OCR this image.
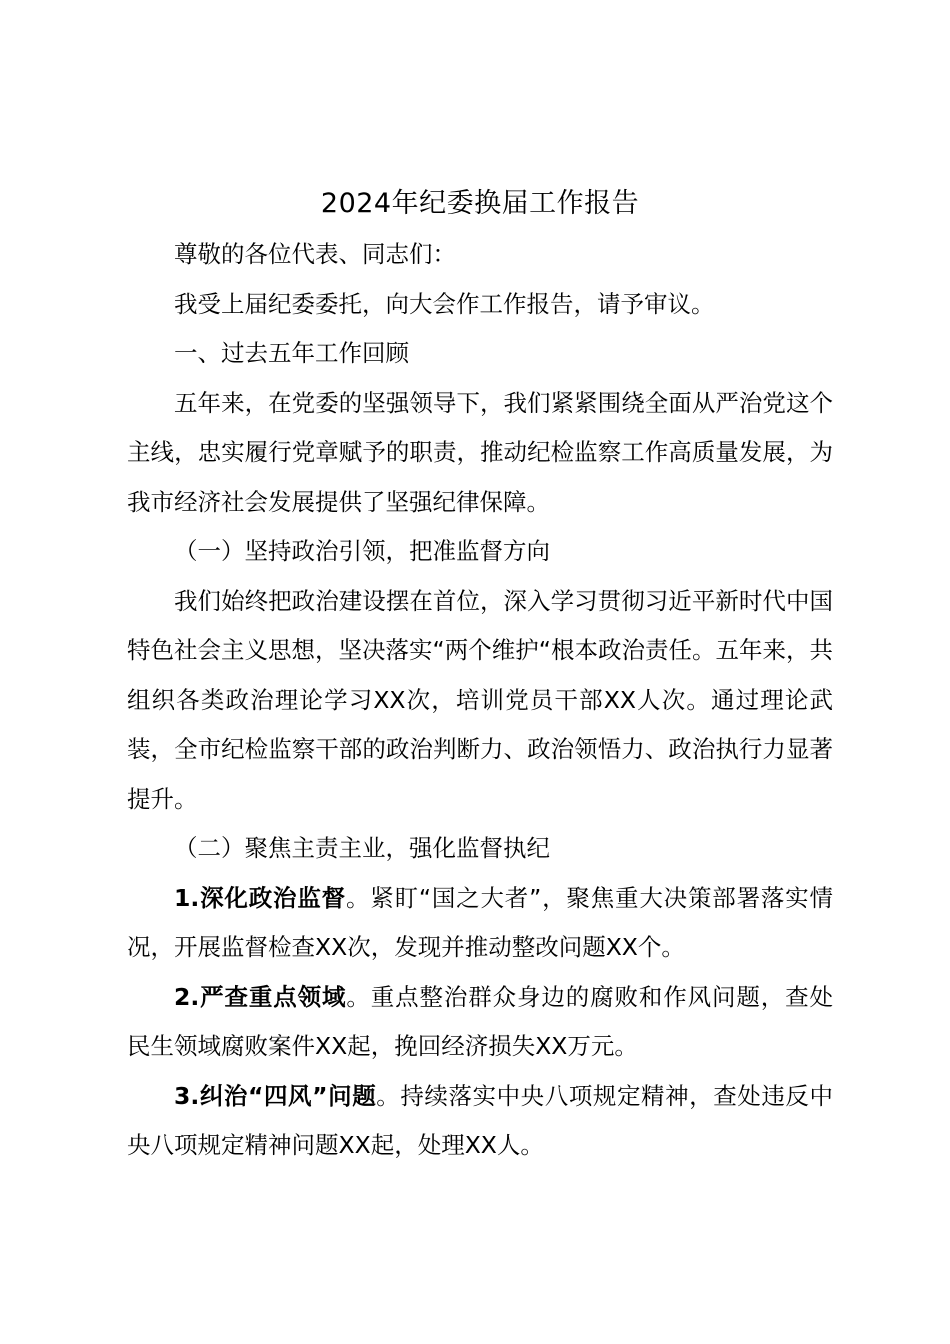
2024年纪委换届工作报告

尊敬的各位代表、同志们：

我受上届纪委委托，向大会作工作报告，请予审议。

一、过去五年工作回顾

五年来，在党委的坚强领导下，我们紧紧围绕全面从严治党这个主线，忠实履行党章赋予的职责，推动纪检监察工作高质量发展，为我市经济社会发展提供了坚强纪律保障。

（一）坚持政治引领，把准监督方向

我们始终把政治建设摆在首位，深入学习贯彻习近平新时代中国特色社会主义思想，坚决落实“两个维护“根本政治责任。五年来，共组织各类政治理论学习XX次，培训党员干部XX人次。通过理论武装，全市纪检监察干部的政治判断力、政治领悟力、政治执行力显著提升。

（二）聚焦主责主业，强化监督执纪

1.深化政治监督。紧盯“国之大者”，聚焦重大决策部署落实情况，开展监督检查XX次，发现并推动整改问题XX个。

2.严查重点领域。重点整治群众身边的腐败和作风问题，查处民生领域腐败案件XX起，挽回经济损失XX万元。

3.纠治“四风”问题。持续落实中央八项规定精神，查处违反中央八项规定精神问题XX起，处理XX人。
